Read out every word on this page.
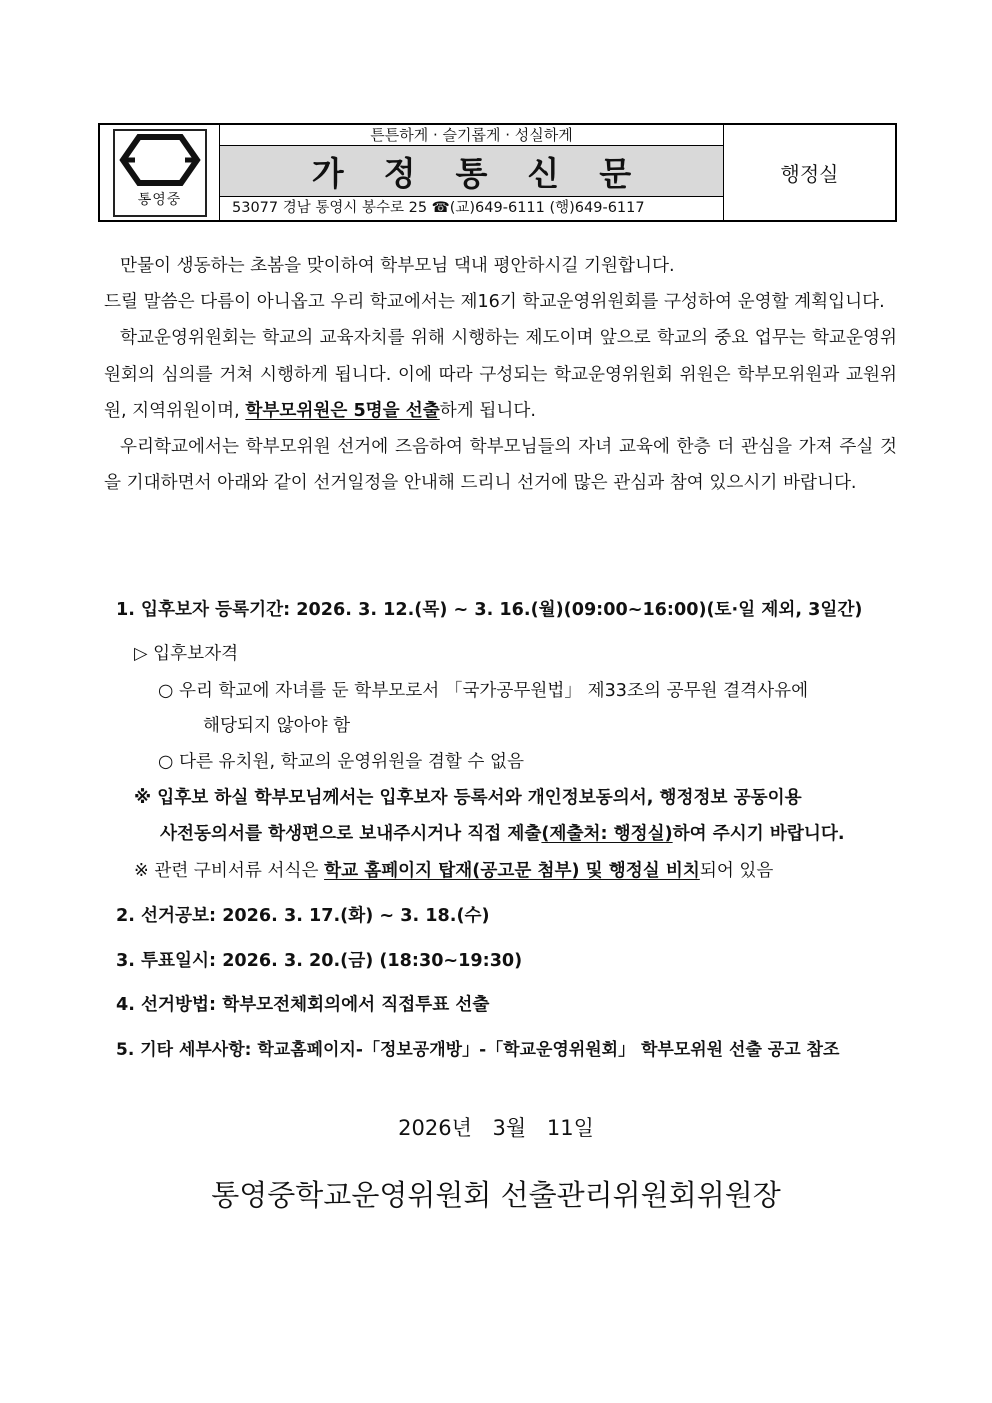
통영중
튼튼하게 · 슬기롭게 · 성실하게
가정통신문
53077 경남 통영시 봉수로 25 ☎(교)649-6111 (행)649-6117
행정실

만물이 생동하는 초봄을 맞이하여 학부모님 댁내 평안하시길 기원합니다.

드릴 말씀은 다름이 아니옵고 우리 학교에서는 제16기 학교운영위원회를 구성하여 운영할 계획입니다.

학교운영위원회는 학교의 교육자치를 위해 시행하는 제도이며 앞으로 학교의 중요 업무는 학교운영위원회의 심의를 거쳐 시행하게 됩니다. 이에 따라 구성되는 학교운영위원회 위원은 학부모위원과 교원위원, 지역위원이며, 학부모위원은 5명을 선출하게 됩니다.

우리학교에서는 학부모위원 선거에 즈음하여 학부모님들의 자녀 교육에 한층 더 관심을 가져 주실 것을 기대하면서 아래와 같이 선거일정을 안내해 드리니 선거에 많은 관심과 참여 있으시기 바랍니다.

1. 입후보자 등록기간: 2026. 3. 12.(목) ~ 3. 16.(월)(09:00~16:00)(토·일 제외, 3일간)
▷ 입후보자격
○ 우리 학교에 자녀를 둔 학부모로서 「국가공무원법」 제33조의 공무원 결격사유에
해당되지 않아야 함
○ 다른 유치원, 학교의 운영위원을 겸할 수 없음
※ 입후보 하실 학부모님께서는 입후보자 등록서와 개인정보동의서, 행정정보 공동이용
사전동의서를 학생편으로 보내주시거나 직접 제출(제출처: 행정실)하여 주시기 바랍니다.
※ 관련 구비서류 서식은 학교 홈페이지 탑재(공고문 첨부) 및 행정실 비치되어 있음
2. 선거공보: 2026. 3. 17.(화) ~ 3. 18.(수)
3. 투표일시: 2026. 3. 20.(금) (18:30~19:30)
4. 선거방법: 학부모전체회의에서 직접투표 선출
5. 기타 세부사항: 학교홈페이지-「정보공개방」-「학교운영위원회」 학부모위원 선출 공고 참조
2026년 3월 11일
통영중학교운영위원회 선출관리위원회위원장
